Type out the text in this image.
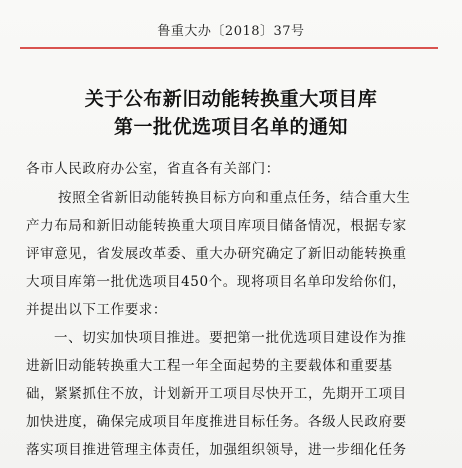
鲁重大办〔2018〕37号
关于公布新旧动能转换重大项目库
第一批优选项目名单的通知
各市人民政府办公室，省直各有关部门：
按照全省新旧动能转换目标方向和重点任务，结合重大生
产力布局和新旧动能转换重大项目库项目储备情况，根据专家
评审意见，省发展改革委、重大办研究确定了新旧动能转换重
大项目库第一批优选项目450个。现将项目名单印发给你们，
并提出以下工作要求：
一、切实加快项目推进。要把第一批优选项目建设作为推
进新旧动能转换重大工程一年全面起势的主要载体和重要基
础，紧紧抓住不放，计划新开工项目尽快开工，先期开工项目
加快进度，确保完成项目年度推进目标任务。各级人民政府要
落实项目推进管理主体责任，加强组织领导，进一步细化任务
